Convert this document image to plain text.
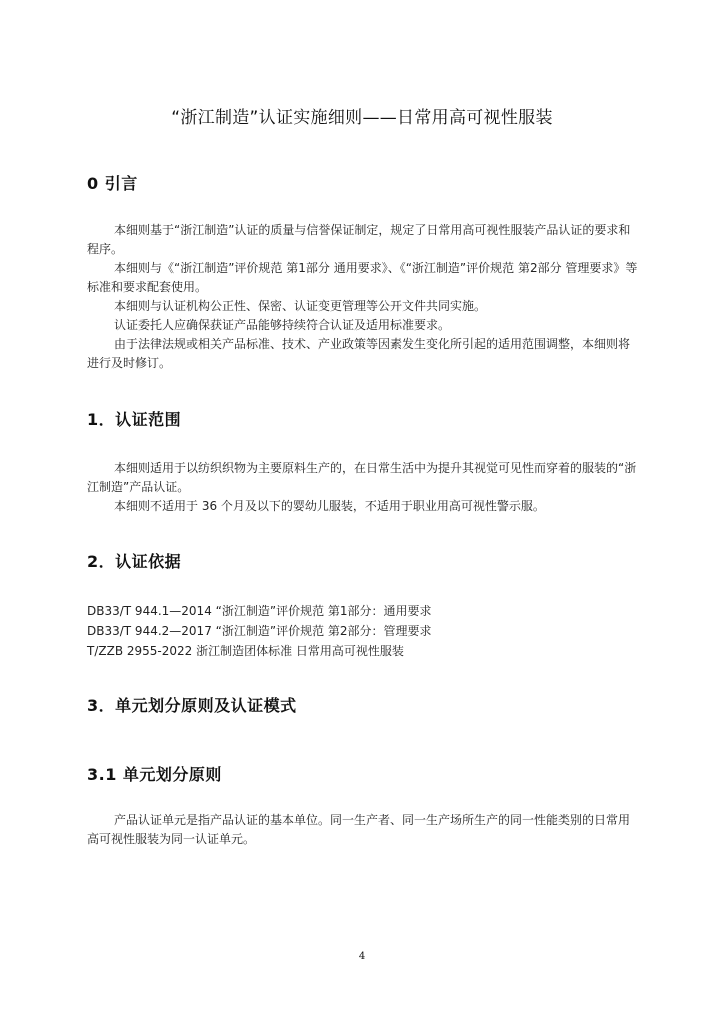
“浙江制造”认证实施细则——日常用高可视性服装
0 引言

本细则基于“浙江制造”认证的质量与信誉保证制定，规定了日常用高可视性服装产品认证的要求和程序。

本细则与《“浙江制造”评价规范 第1部分 通用要求》、《“浙江制造”评价规范 第2部分 管理要求》等标准和要求配套使用。

本细则与认证机构公正性、保密、认证变更管理等公开文件共同实施。

认证委托人应确保获证产品能够持续符合认证及适用标准要求。

由于法律法规或相关产品标准、技术、产业政策等因素发生变化所引起的适用范围调整，本细则将进行及时修订。

1．认证范围

本细则适用于以纺织织物为主要原料生产的，在日常生活中为提升其视觉可见性而穿着的服装的“浙江制造”产品认证。

本细则不适用于 36 个月及以下的婴幼儿服装，不适用于职业用高可视性警示服。

2．认证依据
DB33/T 944.1—2014 “浙江制造”评价规范 第1部分：通用要求
DB33/T 944.2—2017 “浙江制造”评价规范 第2部分：管理要求
T/ZZB 2955-2022 浙江制造团体标准 日常用高可视性服装
3．单元划分原则及认证模式
3.1 单元划分原则

产品认证单元是指产品认证的基本单位。同一生产者、同一生产场所生产的同一性能类别的日常用高可视性服装为同一认证单元。

4
